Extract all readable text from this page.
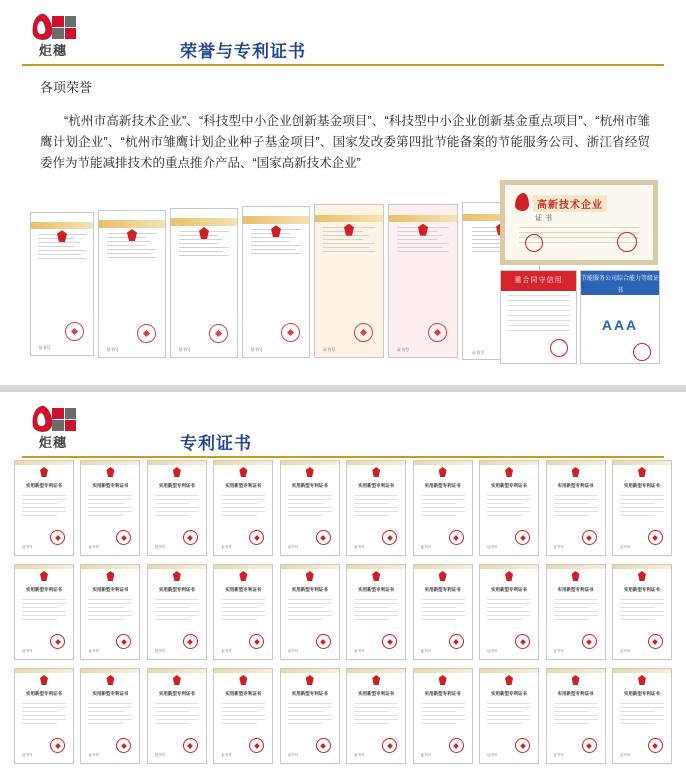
炬穗	荣誉与专利证书
各项荣誉

“杭州市高新技术企业”、“科技型中小企业创新基金项目”、“科技型中小企业创新基金重点项目”、“杭州市雏鹰计划企业”、“杭州市雏鹰计划企业种子基金项目”、国家发改委第四批节能备案的节能服务公司、浙江省经贸委作为节能减排技术的重点推介产品、“国家高新技术企业”

证书号	证书号	证书号	证书号	证书号	证书号
证书号
高新技术企业
证书
重合同守信用	节能服务公司综合能力等级证书
AAA
炬穗	专利证书
实用新型专利证书
证书号
实用新型专利证书
证书号
实用新型专利证书
证书号
实用新型专利证书
证书号
实用新型专利证书
证书号
实用新型专利证书
证书号
实用新型专利证书
证书号
实用新型专利证书
证书号
实用新型专利证书
证书号
实用新型专利证书
证书号
实用新型专利证书
证书号
实用新型专利证书
证书号
实用新型专利证书
证书号
实用新型专利证书
证书号
实用新型专利证书
证书号
实用新型专利证书
证书号
实用新型专利证书
证书号
实用新型专利证书
证书号
实用新型专利证书
证书号
实用新型专利证书
证书号
实用新型专利证书
证书号
实用新型专利证书
证书号
实用新型专利证书
证书号
实用新型专利证书
证书号
实用新型专利证书
证书号
实用新型专利证书
证书号
实用新型专利证书
证书号
实用新型专利证书
证书号
实用新型专利证书
证书号
实用新型专利证书
证书号
